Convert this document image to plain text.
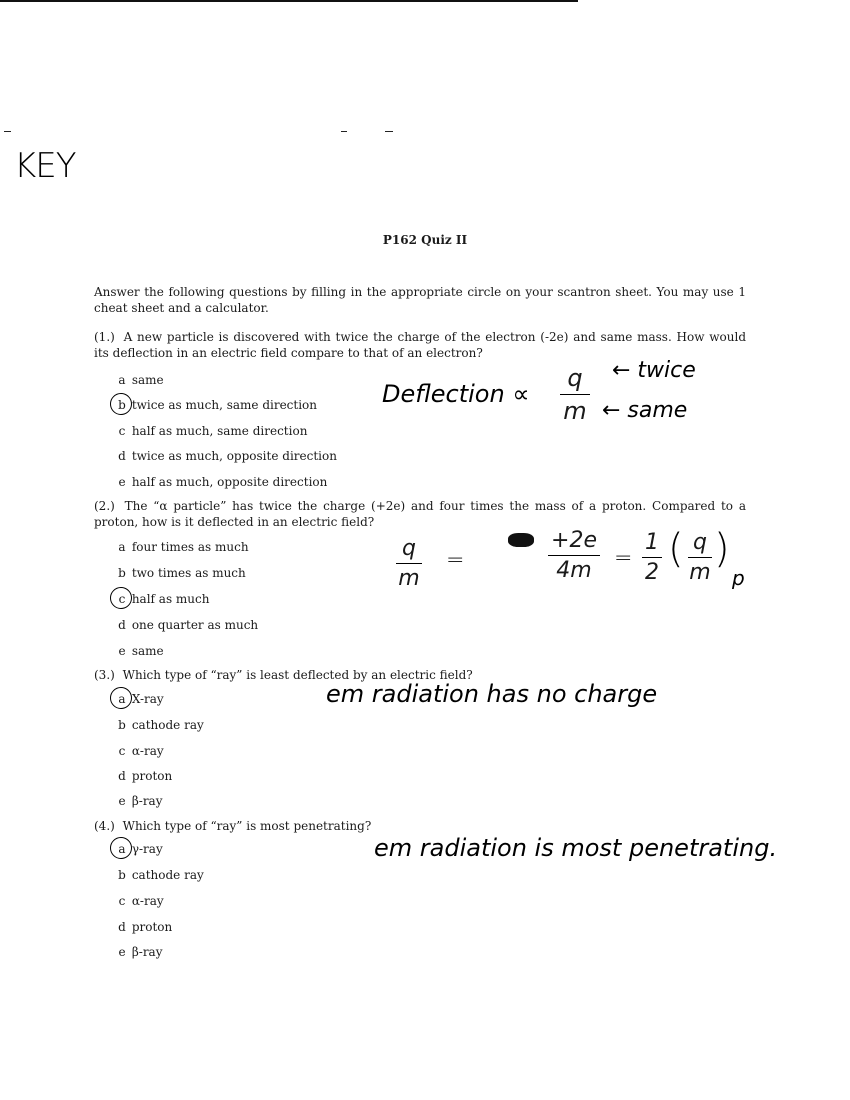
KEY
P162 Quiz II
Answer the following questions by filling in the appropriate circle on your scantron sheet. You may use 1 cheat sheet and a calculator.
(1.) A new particle is discovered with twice the charge of the electron (-2e) and same mass. How would its deflection in an electric field compare to that of an electron?
a same
b twice as much, same direction
c half as much, same direction
d twice as much, opposite direction
e half as much, opposite direction
Deflection ∝
q
m
← twice
← same
(2.) The “α particle” has twice the charge (+2e) and four times the mass of a proton. Compared to a proton, how is it deflected in an electric field?
a four times as much
b two times as much
c half as much
d one quarter as much
e same
q
m
=
+2e
4m	=
1
2
( q
m
)
p
(3.) Which type of “ray” is least deflected by an electric field?
a X-ray
b cathode ray
c α-ray
d proton
e β-ray
em radiation has no charge
(4.) Which type of “ray” is most penetrating?
a γ-ray
b cathode ray
c α-ray
d proton
e β-ray
em radiation is most penetrating.
